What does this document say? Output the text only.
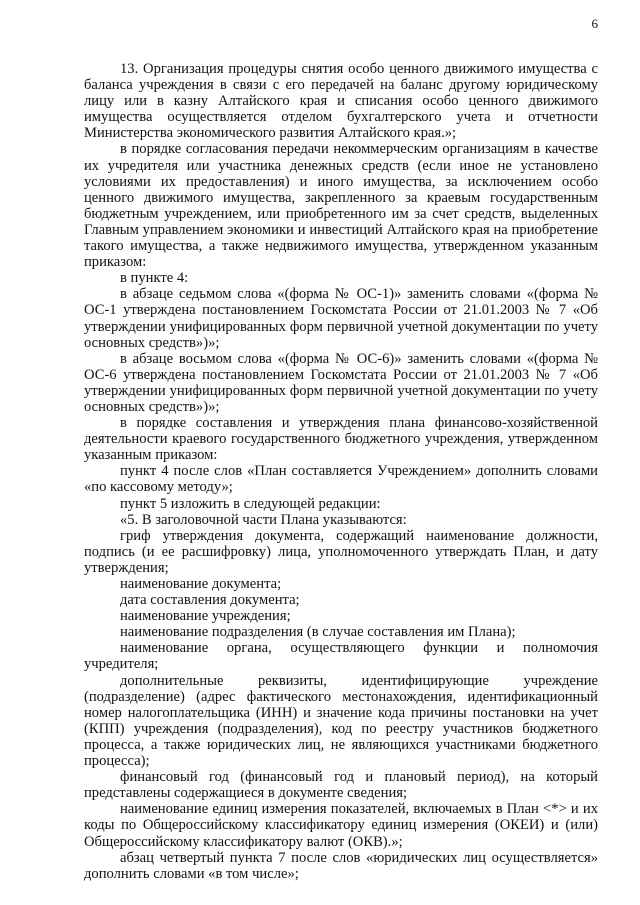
6

13. Организация процедуры снятия особо ценного движимого имущества с баланса учреждения в связи с его передачей на баланс другому юридическому лицу или в казну Алтайского края и списания особо ценного движимого имущества осуществляется отделом бухгалтерского учета и отчетности Министерства экономического развития Алтайского края.»;

в порядке согласования передачи некоммерческим организациям в качестве их учредителя или участника денежных средств (если иное не установлено условиями их предоставления) и иного имущества, за исключением особо ценного движимого имущества, закрепленного за краевым государственным бюджетным учреждением, или приобретенного им за счет средств, выделенных Главным управлением экономики и инвестиций Алтайского края на приобретение такого имущества, а также недвижимого имущества, утвержденном указанным приказом:

в пункте 4:

в абзаце седьмом слова «(форма № ОС-1)» заменить словами «(форма № ОС-1 утверждена постановлением Госкомстата России от 21.01.2003 № 7 «Об утверждении унифицированных форм первичной учетной документации по учету основных средств»)»;

в абзаце восьмом слова «(форма № ОС-6)» заменить словами «(форма № ОС-6 утверждена постановлением Госкомстата России от 21.01.2003 № 7 «Об утверждении унифицированных форм первичной учетной документации по учету основных средств»)»;

в порядке составления и утверждения плана финансово-хозяйственной деятельности краевого государственного бюджетного учреждения, утвержденном указанным приказом:

пункт 4 после слов «План составляется Учреждением» дополнить словами «по кассовому методу»;

пункт 5 изложить в следующей редакции:

«5. В заголовочной части Плана указываются:

гриф утверждения документа, содержащий наименование должности, подпись (и ее расшифровку) лица, уполномоченного утверждать План, и дату утверждения;

наименование документа;

дата составления документа;

наименование учреждения;

наименование подразделения (в случае составления им Плана);

наименование органа, осуществляющего функции и полномочия учредителя;

дополнительные реквизиты, идентифицирующие учреждение (подразделение) (адрес фактического местонахождения, идентификационный номер налогоплательщика (ИНН) и значение кода причины постановки на учет (КПП) учреждения (подразделения), код по реестру участников бюджетного процесса, а также юридических лиц, не являющихся участниками бюджетного процесса);

финансовый год (финансовый год и плановый период), на который представлены содержащиеся в документе сведения;

наименование единиц измерения показателей, включаемых в План <*> и их коды по Общероссийскому классификатору единиц измерения (ОКЕИ) и (или) Общероссийскому классификатору валют (ОКВ).»;

абзац четвертый пункта 7 после слов «юридических лиц осуществляется» дополнить словами «в том числе»;
